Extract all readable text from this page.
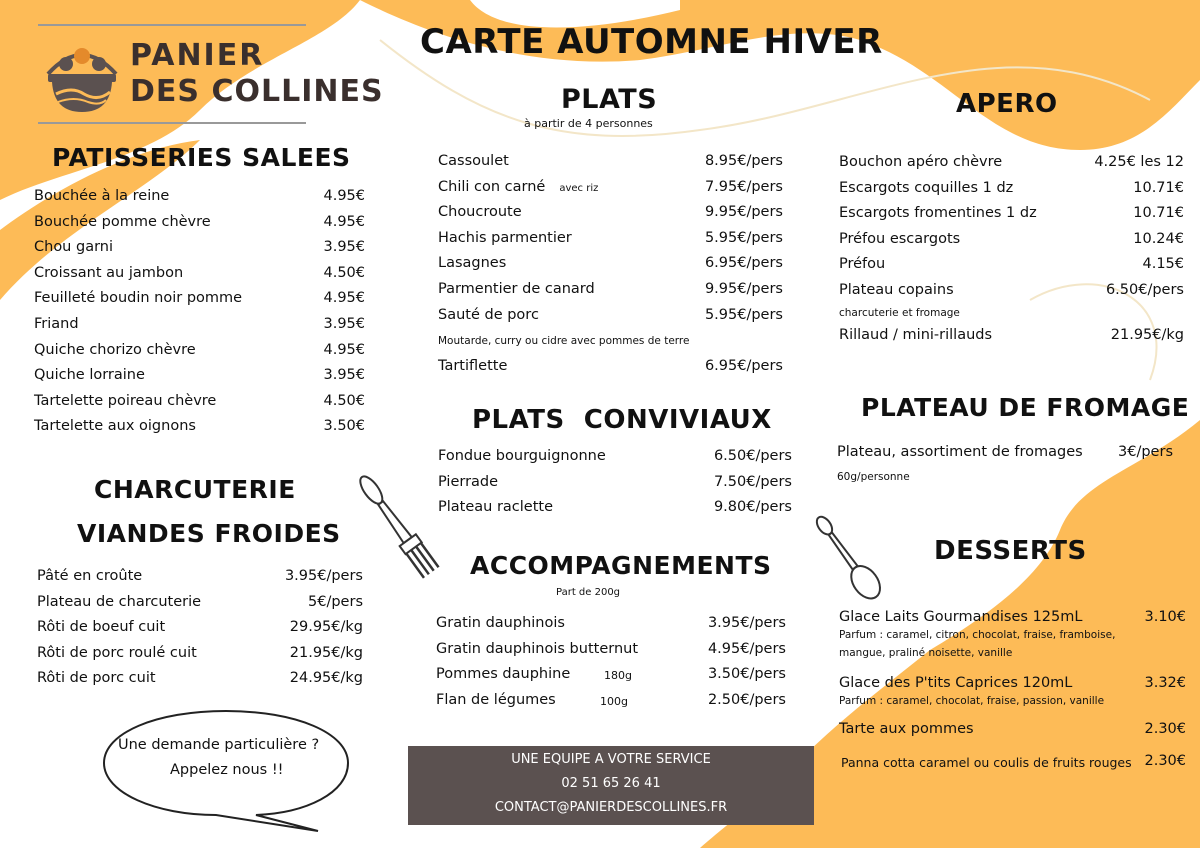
PANIER
DES COLLINES
CARTE AUTOMNE HIVER
PATISSERIES SALEES
Bouchée à la reine	4.95€
Bouchée pomme chèvre	4.95€
Chou garni	3.95€
Croissant au jambon	4.50€
Feuilleté boudin noir pomme	4.95€
Friand	3.95€
Quiche chorizo chèvre	4.95€
Quiche lorraine	3.95€
Tartelette poireau chèvre	4.50€
Tartelette aux oignons	3.50€
CHARCUTERIE
VIANDES FROIDES
Pâté en croûte	3.95€/pers
Plateau de charcuterie	5€/pers
Rôti de boeuf cuit	29.95€/kg
Rôti de porc roulé cuit	21.95€/kg
Rôti de porc cuit	24.95€/kg
Une demande particulière ?
Appelez nous !!
PLATS
à partir de 4 personnes
Cassoulet	8.95€/pers
Chili con carné avec riz	7.95€/pers
Choucroute	9.95€/pers
Hachis parmentier	5.95€/pers
Lasagnes	6.95€/pers
Parmentier de canard	9.95€/pers
Sauté de porc	5.95€/pers
Moutarde, curry ou cidre avec pommes de terre
Tartiflette	6.95€/pers
PLATS  CONVIVIAUX
Fondue bourguignonne	6.50€/pers
Pierrade	7.50€/pers
Plateau raclette	9.80€/pers
ACCOMPAGNEMENTS
Part de 200g
Gratin dauphinois	3.95€/pers
Gratin dauphinois butternut	4.95€/pers
Pommes dauphine	180g	3.50€/pers
Flan de légumes	100g	2.50€/pers
UNE EQUIPE A VOTRE SERVICE
02 51 65 26 41
CONTACT@PANIERDESCOLLINES.FR
APERO
Bouchon apéro chèvre	4.25€ les 12
Escargots coquilles 1 dz	10.71€
Escargots fromentines 1 dz	10.71€
Préfou escargots	10.24€
Préfou	4.15€
Plateau copains	6.50€/pers
charcuterie et fromage
Rillaud / mini-rillauds	21.95€/kg
PLATEAU DE FROMAGE
Plateau, assortiment de fromages 3€/pers
60g/personne
DESSERTS
Glace Laits Gourmandises 125mL	3.10€
Parfum : caramel, citron, chocolat, fraise, framboise,
mangue, praliné noisette, vanille
Glace des P'tits Caprices 120mL	3.32€
Parfum : caramel, chocolat, fraise, passion, vanille
Tarte aux pommes	2.30€
Panna cotta caramel ou coulis de fruits rouges 2.30€
